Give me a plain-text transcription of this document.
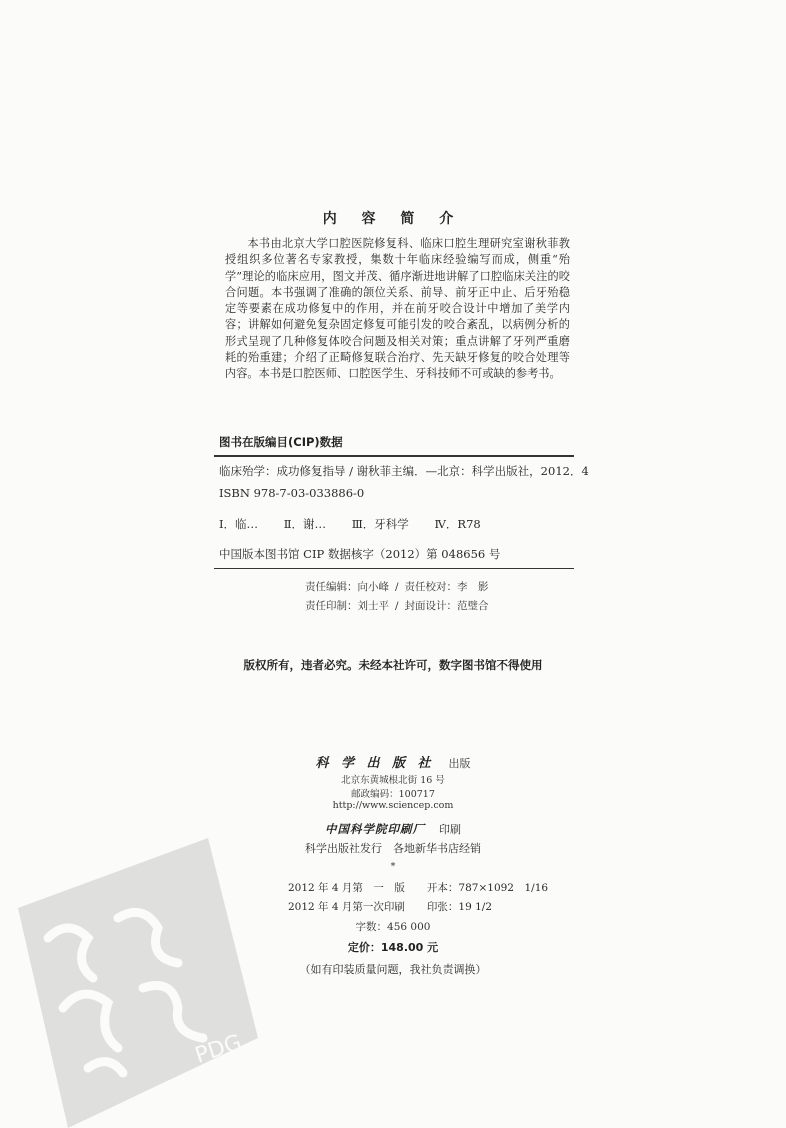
内 容 简 介

本书由北京大学口腔医院修复科、临床口腔生理研究室谢秋菲教授组织多位著名专家教授，集数十年临床经验编写而成，侧重“殆学”理论的临床应用，图文并茂、循序渐进地讲解了口腔临床关注的咬合问题。本书强调了准确的颌位关系、前导、前牙正中止、后牙殆稳定等要素在成功修复中的作用，并在前牙咬合设计中增加了美学内容；讲解如何避免复杂固定修复可能引发的咬合紊乱，以病例分析的形式呈现了几种修复体咬合问题及相关对策；重点讲解了牙列严重磨耗的殆重建；介绍了正畸修复联合治疗、先天缺牙修复的咬合处理等内容。本书是口腔医师、口腔医学生、牙科技师不可或缺的参考书。

图书在版编目(CIP)数据
临床殆学：成功修复指导 / 谢秋菲主编．—北京：科学出版社，2012．4
ISBN 978-7-03-033886-0
Ⅰ．临… Ⅱ．谢… Ⅲ．牙科学 Ⅳ．R78
中国版本图书馆 CIP 数据核字（2012）第 048656 号
责任编辑：向小峰 / 责任校对：李　影
责任印制：刘士平 / 封面设计：范璧合
版权所有，违者必究。未经本社许可，数字图书馆不得使用
科 学 出 版 社 出版
北京东黄城根北街 16 号
邮政编码：100717
http://www.sciencep.com
中国科学院印刷厂 印刷
科学出版社发行　各地新华书店经销
*
2012 年 4 月第　一　版 开本：787×1092　1/16
2012 年 4 月第一次印刷 印张：19 1/2
字数：456 000
定价：148.00 元
（如有印装质量问题，我社负责调换）
PDG
